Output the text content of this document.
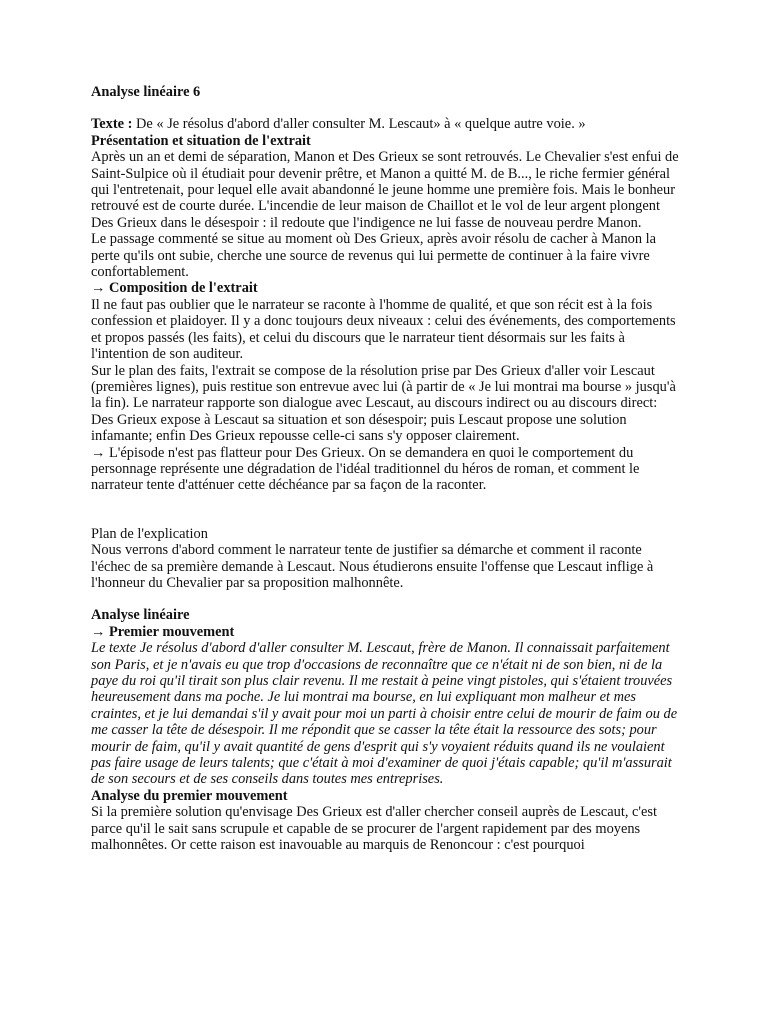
Analyse linéaire 6

Texte : De « Je résolus d'abord d'aller consulter M. Lescaut» à « quelque autre voie. »

Présentation et situation de l'extrait

Après un an et demi de séparation, Manon et Des Grieux se sont retrouvés. Le Chevalier s'est enfui de Saint-Sulpice où il étudiait pour devenir prêtre, et Manon a quitté M. de B..., le riche fermier général qui l'entretenait, pour lequel elle avait abandonné le jeune homme une première fois. Mais le bonheur retrouvé est de courte durée. L'incendie de leur maison de Chaillot et le vol de leur argent plongent Des Grieux dans le désespoir : il redoute que l'indigence ne lui fasse de nouveau perdre Manon.

Le passage commenté se situe au moment où Des Grieux, après avoir résolu de cacher à Manon la perte qu'ils ont subie, cherche une source de revenus qui lui permette de continuer à la faire vivre confortablement.

→ Composition de l'extrait

Il ne faut pas oublier que le narrateur se raconte à l'homme de qualité, et que son récit est à la fois confession et plaidoyer. Il y a donc toujours deux niveaux : celui des événements, des comportements et propos passés (les faits), et celui du discours que le narrateur tient désormais sur les faits à l'intention de son auditeur.

Sur le plan des faits, l'extrait se compose de la résolution prise par Des Grieux d'aller voir Lescaut (premières lignes), puis restitue son entrevue avec lui (à partir de « Je lui montrai ma bourse » jusqu'à la fin). Le narrateur rapporte son dialogue avec Lescaut, au discours indirect ou au discours direct: Des Grieux expose à Lescaut sa situation et son désespoir; puis Lescaut propose une solution infamante; enfin Des Grieux repousse celle-ci sans s'y opposer clairement.

→ L'épisode n'est pas flatteur pour Des Grieux. On se demandera en quoi le comportement du personnage représente une dégradation de l'idéal traditionnel du héros de roman, et comment le narrateur tente d'atténuer cette déchéance par sa façon de la raconter.

Plan de l'explication

Nous verrons d'abord comment le narrateur tente de justifier sa démarche et comment il raconte l'échec de sa première demande à Lescaut. Nous étudierons ensuite l'offense que Lescaut inflige à l'honneur du Chevalier par sa proposition malhonnête.

Analyse linéaire

→ Premier mouvement

Le texte Je résolus d'abord d'aller consulter M. Lescaut, frère de Manon. Il connaissait parfaitement son Paris, et je n'avais eu que trop d'occasions de reconnaître que ce n'était ni de son bien, ni de la paye du roi qu'il tirait son plus clair revenu. Il me restait à peine vingt pistoles, qui s'étaient trouvées heureusement dans ma poche. Je lui montrai ma bourse, en lui expliquant mon malheur et mes craintes, et je lui demandai s'il y avait pour moi un parti à choisir entre celui de mourir de faim ou de me casser la tête de désespoir. Il me répondit que se casser la tête était la ressource des sots; pour mourir de faim, qu'il y avait quantité de gens d'esprit qui s'y voyaient réduits quand ils ne voulaient pas faire usage de leurs talents; que c'était à moi d'examiner de quoi j'étais capable; qu'il m'assurait de son secours et de ses conseils dans toutes mes entreprises.

Analyse du premier mouvement

Si la première solution qu'envisage Des Grieux est d'aller chercher conseil auprès de Lescaut, c'est parce qu'il le sait sans scrupule et capable de se procurer de l'argent rapidement par des moyens malhonnêtes. Or cette raison est inavouable au marquis de Renoncour : c'est pourquoi
